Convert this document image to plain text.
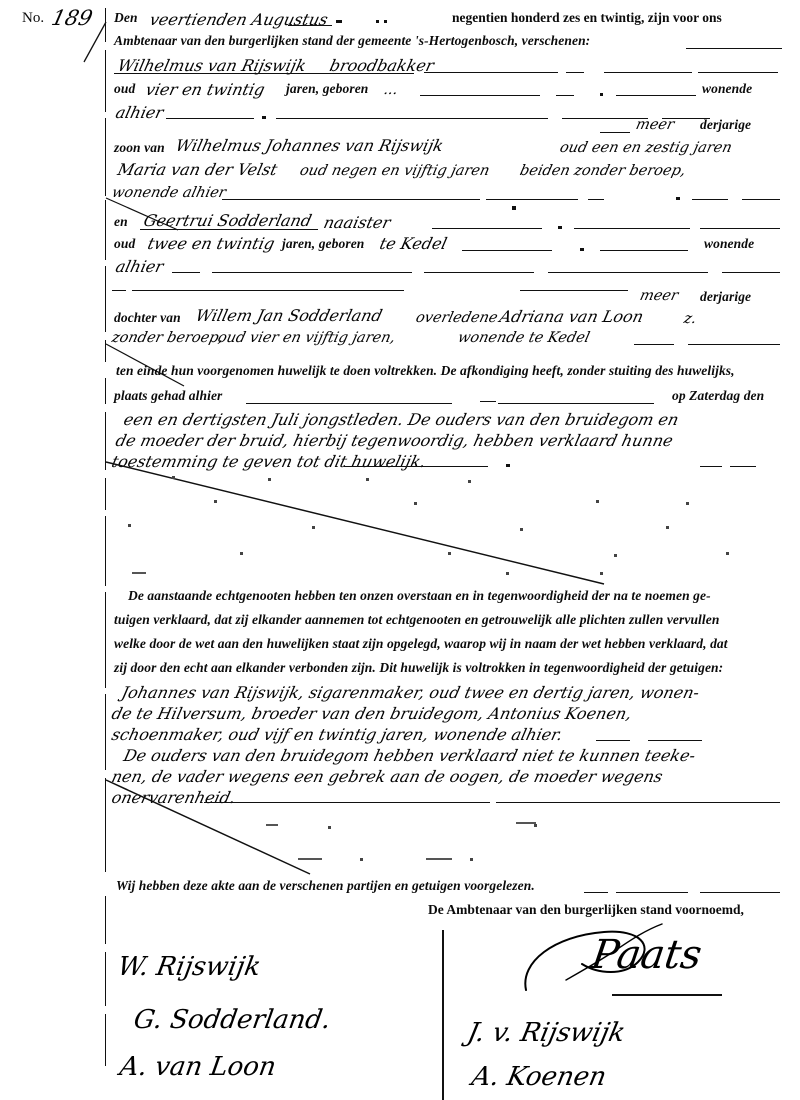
No. 189 Den veertienden Augustus	negentien honderd zes en twintig, zijn voor ons
Ambtenaar van den burgerlijken stand der gemeente 's-Hertogenbosch, verschenen:
Wilhelmus van Rijswijk broodbakker
oud vier en twintig jaren, geboren ...	wonende
alhier
meer derjarige
zoon van Wilhelmus Johannes van Rijswijk	oud een en zestig jaren
Maria van der Velst oud negen en vijftig jaren beiden zonder beroep,
wonende alhier
en Geertrui Sodderland naaister
oud twee en twintig jaren, geboren te Kedel	wonende
alhier
meer derjarige
dochter van Willem Jan Sodderland overledene
Adriana van Loon	z.
zonder beroep,
oud vier en vijftig jaren,	wonende te Kedel
ten einde hun voorgenomen huwelijk te doen voltrekken. De afkondiging heeft, zonder stuiting des huwelijks,
plaats gehad alhier	op Zaterdag den
een en dertigsten Juli jongstleden. De ouders van den bruidegom en
de moeder der bruid, hierbij tegenwoordig, hebben verklaard hunne
toestemming te geven tot dit huwelijk.
De aanstaande echtgenooten hebben ten onzen overstaan en in tegenwoordigheid der na te noemen ge-
tuigen verklaard, dat zij elkander aannemen tot echtgenooten en getrouwelijk alle plichten zullen vervullen
welke door de wet aan den huwelijken staat zijn opgelegd, waarop wij in naam der wet hebben verklaard, dat
zij door den echt aan elkander verbonden zijn. Dit huwelijk is voltrokken in tegenwoordigheid der getuigen:
Johannes van Rijswijk, sigarenmaker, oud twee en dertig jaren, wonen-
de te Hilversum, broeder van den bruidegom, Antonius Koenen,
schoenmaker, oud vijf en twintig jaren, wonende alhier.
De ouders van den bruidegom hebben verklaard niet te kunnen teeke-
nen, de vader wegens een gebrek aan de oogen, de moeder wegens
onervarenheid.
Wij hebben deze akte aan de verschenen partijen en getuigen voorgelezen.
De Ambtenaar van den burgerlijken stand voornoemd,
Paats
W. Rijswijk
G. Sodderland.
A. van Loon
J. v. Rijswijk
A. Koenen
